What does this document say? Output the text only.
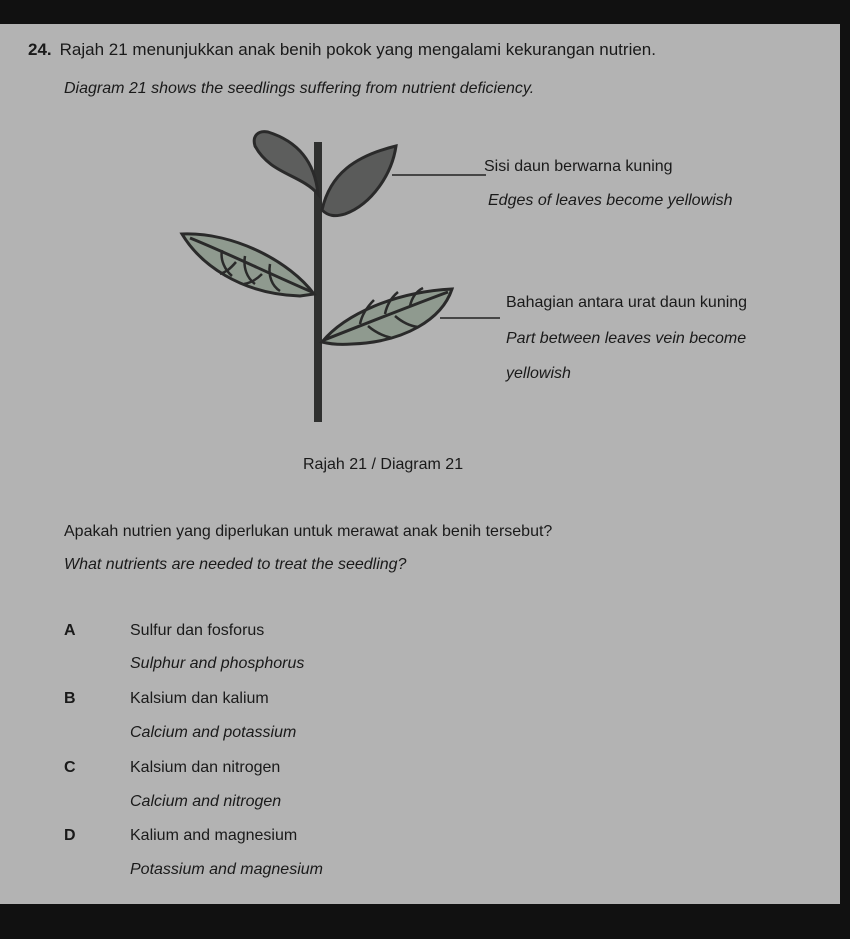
24. Rajah 21 menunjukkan anak benih pokok yang mengalami kekurangan nutrien.
Diagram 21 shows the seedlings suffering from nutrient deficiency.
Sisi daun berwarna kuning
Edges of leaves become yellowish
Bahagian antara urat daun kuning
Part between leaves vein become
yellowish
Rajah 21 / Diagram 21
Apakah nutrien yang diperlukan untuk merawat anak benih tersebut?
What nutrients are needed to treat the seedling?
A	Sulfur dan fosforus
Sulphur and phosphorus
B	Kalsium dan kalium
Calcium and potassium
C	Kalsium dan nitrogen
Calcium and nitrogen
D	Kalium and magnesium
Potassium and magnesium
